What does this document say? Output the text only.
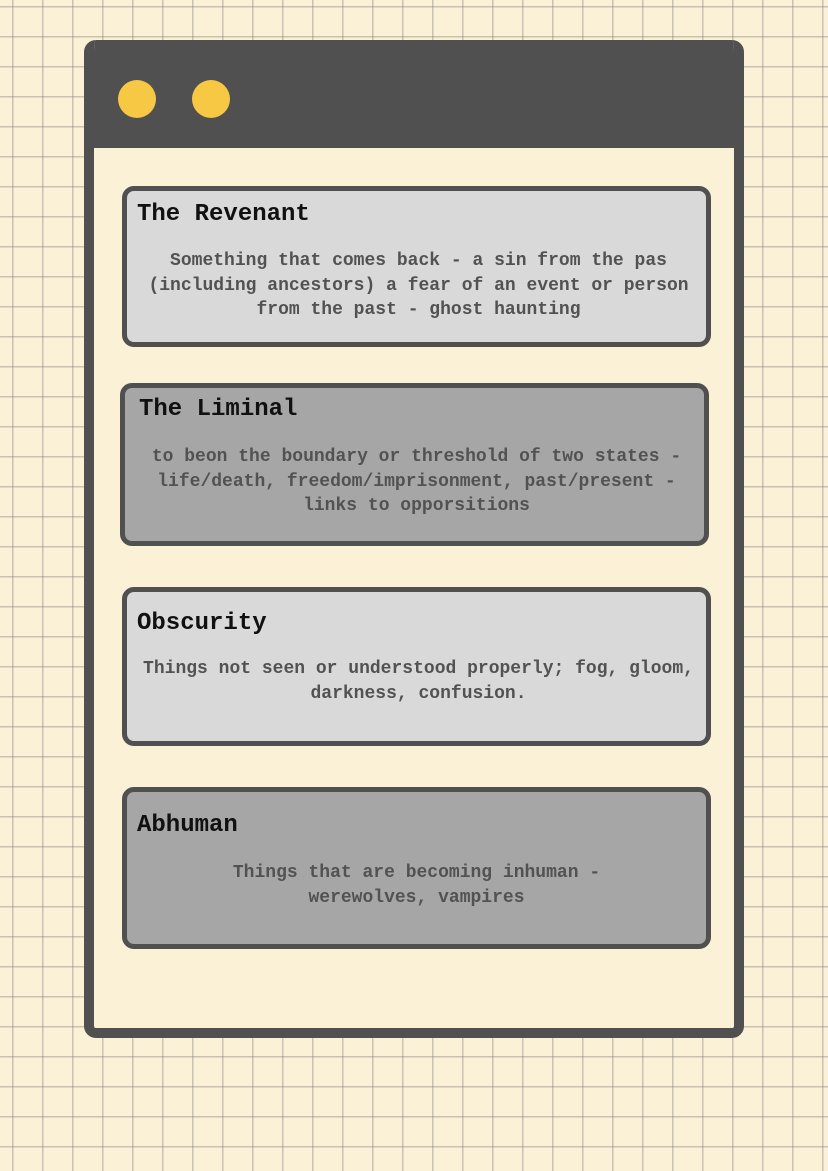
The Revenant

Something that comes back - a sin from the pas (including ancestors) a fear of an event or person from the past - ghost haunting

The Liminal

to beon the boundary or threshold of two states - life/death, freedom/imprisonment, past/present - links to opporsitions

Obscurity

Things not seen or understood properly; fog, gloom, darkness, confusion.

Abhuman

Things that are becoming inhuman - werewolves, vampires
